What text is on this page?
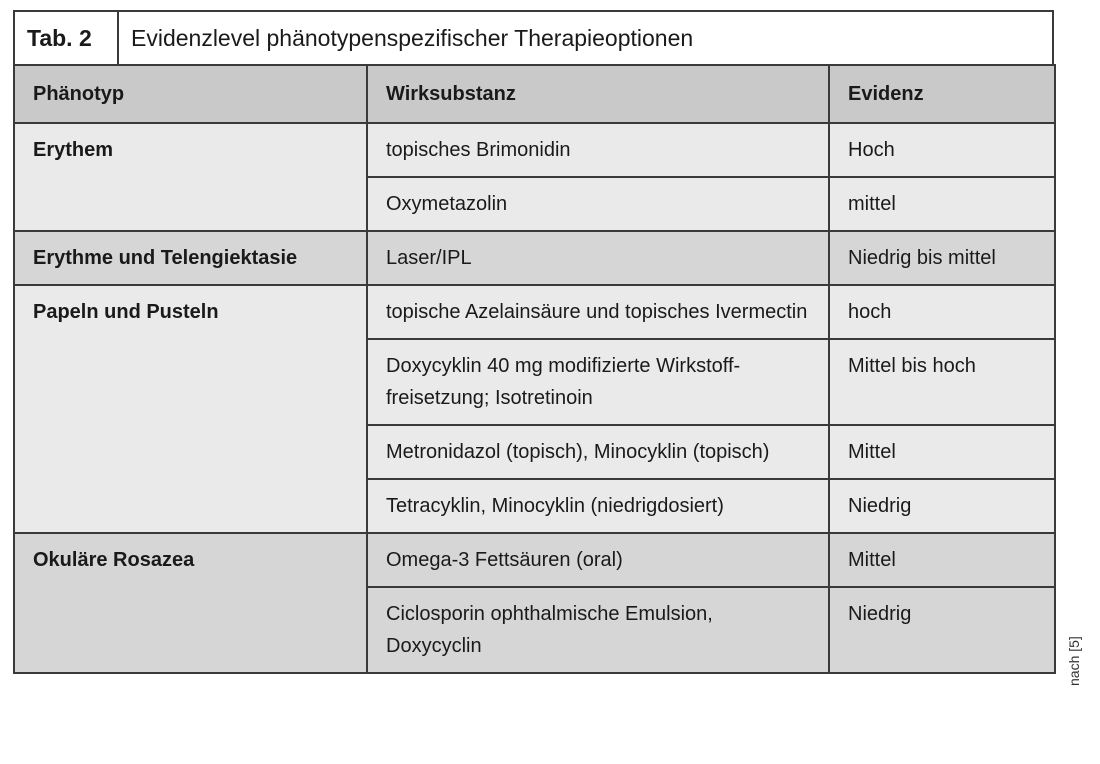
Tab. 2	Evidenzlevel phänotypenspezifischer Therapieoptionen
Phänotyp	Wirksubstanz	Evidenz
Erythem	topisches Brimonidin	Hoch
	Oxymetazolin	mittel
Erythme und Telengiektasie	Laser/IPL	Niedrig bis mittel
Papeln und Pusteln	topische Azelainsäure und topisches Ivermectin	hoch
	Doxycyklin 40 mg modifizierte Wirkstoff-freisetzung; Isotretinoin	Mittel bis hoch
	Metronidazol (topisch), Minocyklin (topisch)	Mittel
	Tetracyklin, Minocyklin (niedrigdosiert)	Niedrig
Okuläre Rosazea	Omega-3 Fettsäuren (oral)	Mittel
	Ciclosporin ophthalmische Emulsion, Doxycyclin	Niedrig
nach [5]
